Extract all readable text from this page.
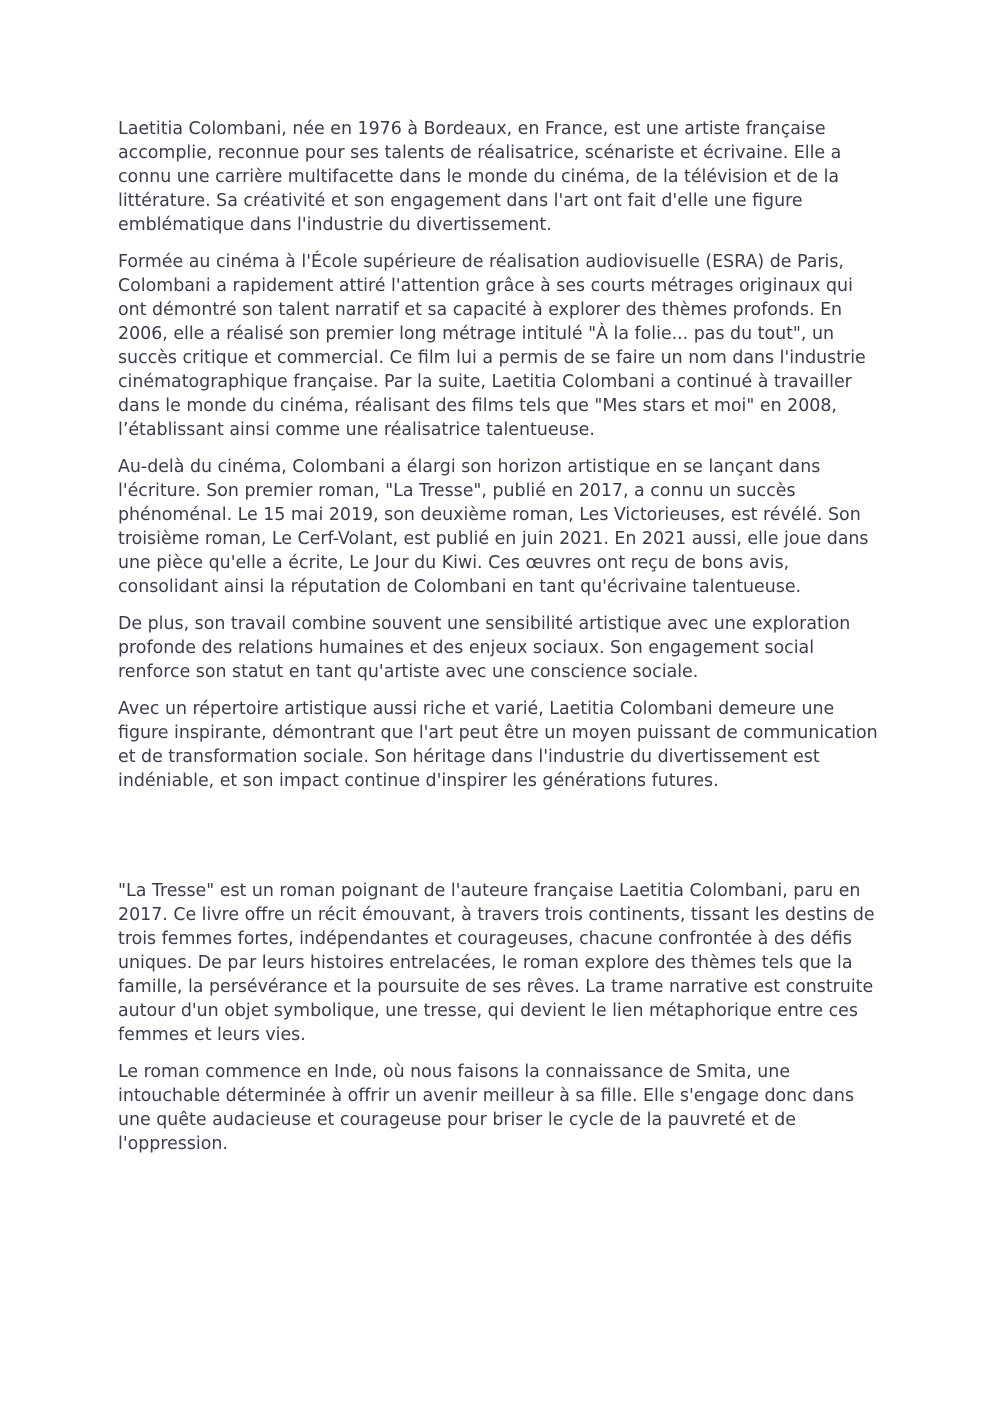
Laetitia Colombani, née en 1976 à Bordeaux, en France, est une artiste française accomplie, reconnue pour ses talents de réalisatrice, scénariste et écrivaine. Elle a connu une carrière multifacette dans le monde du cinéma, de la télévision et de la littérature. Sa créativité et son engagement dans l'art ont fait d'elle une figure emblématique dans l'industrie du divertissement.

Formée au cinéma à l'École supérieure de réalisation audiovisuelle (ESRA) de Paris, Colombani a rapidement attiré l'attention grâce à ses courts métrages originaux qui ont démontré son talent narratif et sa capacité à explorer des thèmes profonds. En 2006, elle a réalisé son premier long métrage intitulé "À la folie... pas du tout", un succès critique et commercial. Ce film lui a permis de se faire un nom dans l'industrie cinématographique française. Par la suite, Laetitia Colombani a continué à travailler dans le monde du cinéma, réalisant des films tels que "Mes stars et moi" en 2008, l’établissant ainsi comme une réalisatrice talentueuse.

Au-delà du cinéma, Colombani a élargi son horizon artistique en se lançant dans l'écriture. Son premier roman, "La Tresse", publié en 2017, a connu un succès phénoménal. Le 15 mai 2019, son deuxième roman, Les Victorieuses, est révélé. Son troisième roman, Le Cerf-Volant, est publié en juin 2021. En 2021 aussi, elle joue dans une pièce qu'elle a écrite, Le Jour du Kiwi. Ces œuvres ont reçu de bons avis, consolidant ainsi la réputation de Colombani en tant qu'écrivaine talentueuse.

De plus, son travail combine souvent une sensibilité artistique avec une exploration profonde des relations humaines et des enjeux sociaux. Son engagement social renforce son statut en tant qu'artiste avec une conscience sociale.

Avec un répertoire artistique aussi riche et varié, Laetitia Colombani demeure une figure inspirante, démontrant que l'art peut être un moyen puissant de communication et de transformation sociale. Son héritage dans l'industrie du divertissement est indéniable, et son impact continue d'inspirer les générations futures.

"La Tresse" est un roman poignant de l'auteure française Laetitia Colombani, paru en 2017. Ce livre offre un récit émouvant, à travers trois continents, tissant les destins de trois femmes fortes, indépendantes et courageuses, chacune confrontée à des défis uniques. De par leurs histoires entrelacées, le roman explore des thèmes tels que la famille, la persévérance et la poursuite de ses rêves. La trame narrative est construite autour d'un objet symbolique, une tresse, qui devient le lien métaphorique entre ces femmes et leurs vies.

Le roman commence en Inde, où nous faisons la connaissance de Smita, une intouchable déterminée à offrir un avenir meilleur à sa fille. Elle s'engage donc dans une quête audacieuse et courageuse pour briser le cycle de la pauvreté et de l'oppression.
